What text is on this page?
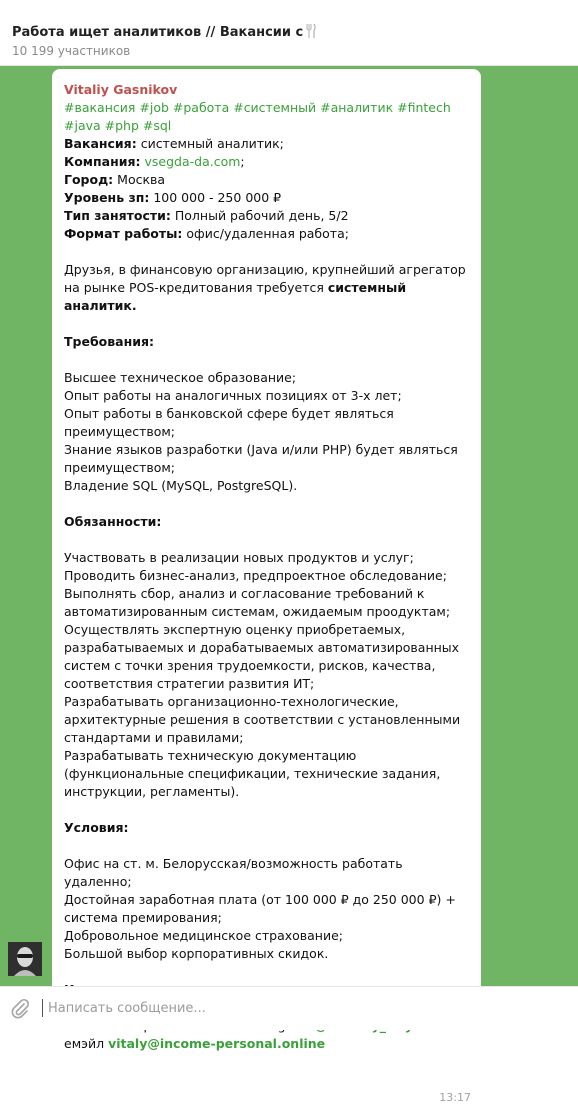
Работа ищет аналитиков // Вакансии с
10 199 участников
Vitaliy Gasnikov
#вакансия #job #работа #системный #аналитик #fintech #java #php #sql
Вакансия: системный аналитик;
Компания: vsegda-da.com;
Город: Москва
Уровень зп: 100 000 - 250 000 ₽
Тип занятости: Полный рабочий день, 5/2
Формат работы: офис/удаленная работа;
Друзья, в финансовую организацию, крупнейший агрегатор на рынке POS-кредитования требуется системный аналитик.
Требования:
Высшее техническое образование;
Опыт работы на аналогичных позициях от 3-х лет;
Опыт работы в банковской сфере будет являться преимуществом;
Знание языков разработки (Java и/или PHP) будет являться преимуществом;
Владение SQL (MySQL, PostgreSQL).
Обязанности:
Участвовать в реализации новых продуктов и услуг;
Проводить бизнес-анализ, предпроектное обследование;
Выполнять сбор, анализ и согласование требований к автоматизированным системам, ожидаемым проодуктам;
Осуществлять экспертную оценку приобретаемых, разрабатываемых и дорабатываемых автоматизированных систем с точки зрения трудоемкости, рисков, качества, соответствия стратегии развития ИТ;
Разрабатывать организационно-технологические, архитектурные решения в соответствии с установленными стандартами и правилами;
Разрабатывать техническую документацию (функциональные спецификации, технические задания, инструкции, регламенты).
Условия:
Офис на ст. м. Белорусская/возможность работать удаленно;
Достойная заработная плата (от 100 000 ₽ до 250 000 ₽) + система премирования;
Добровольное медицинское страхование;
Большой выбор корпоративных скидок.
емэйл vitaly@income-personal.online
13:17
Написать сообщение...
